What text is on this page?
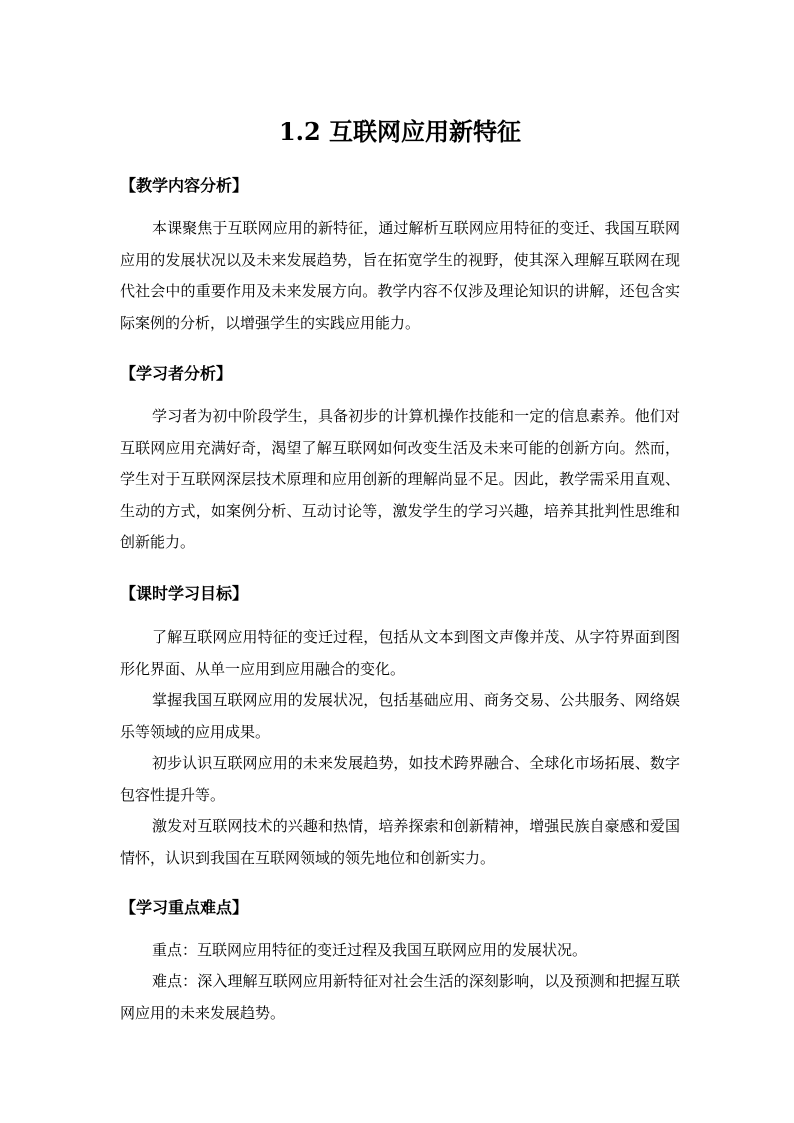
1.2 互联网应用新特征
【教学内容分析】

本课聚焦于互联网应用的新特征，通过解析互联网应用特征的变迁、我国互联网应用的发展状况以及未来发展趋势，旨在拓宽学生的视野，使其深入理解互联网在现代社会中的重要作用及未来发展方向。教学内容不仅涉及理论知识的讲解，还包含实际案例的分析，以增强学生的实践应用能力。

【学习者分析】

学习者为初中阶段学生，具备初步的计算机操作技能和一定的信息素养。他们对互联网应用充满好奇，渴望了解互联网如何改变生活及未来可能的创新方向。然而，学生对于互联网深层技术原理和应用创新的理解尚显不足。因此，教学需采用直观、生动的方式，如案例分析、互动讨论等，激发学生的学习兴趣，培养其批判性思维和创新能力。

【课时学习目标】

了解互联网应用特征的变迁过程，包括从文本到图文声像并茂、从字符界面到图形化界面、从单一应用到应用融合的变化。

掌握我国互联网应用的发展状况，包括基础应用、商务交易、公共服务、网络娱乐等领域的应用成果。

初步认识互联网应用的未来发展趋势，如技术跨界融合、全球化市场拓展、数字包容性提升等。

激发对互联网技术的兴趣和热情，培养探索和创新精神，增强民族自豪感和爱国情怀，认识到我国在互联网领域的领先地位和创新实力。

【学习重点难点】

重点：互联网应用特征的变迁过程及我国互联网应用的发展状况。

难点：深入理解互联网应用新特征对社会生活的深刻影响，以及预测和把握互联网应用的未来发展趋势。
